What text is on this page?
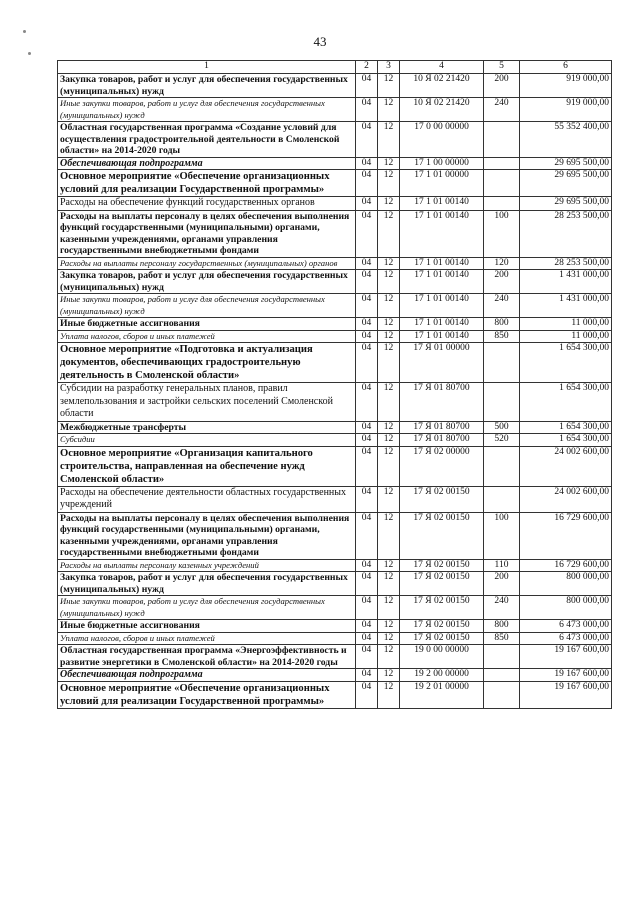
43
1	2	3	4	5	6
Закупка товаров, работ и услуг для обеспечения государственных (муниципальных) нужд	04	12	10 Я 02 21420	200	919 000,00
Иные закупки товаров, работ и услуг для обеспечения государственных (муниципальных) нужд	04	12	10 Я 02 21420	240	919 000,00
Областная государственная программа «Создание условий для осуществления градостроительной деятельности в Смоленской области» на 2014-2020 годы	04	12	17 0 00 00000		55 352 400,00
Обеспечивающая подпрограмма	04	12	17 1 00 00000		29 695 500,00
Основное мероприятие «Обеспечение организационных условий для реализации Государственной программы»	04	12	17 1 01 00000		29 695 500,00
Расходы на обеспечение функций государственных органов	04	12	17 1 01 00140		29 695 500,00
Расходы на выплаты персоналу в целях обеспечения выполнения функций государственными (муниципальными) органами, казенными учреждениями, органами управления государственными внебюджетными фондами	04	12	17 1 01 00140	100	28 253 500,00
Расходы на выплаты персоналу государственных (муниципальных) органов	04	12	17 1 01 00140	120	28 253 500,00
Закупка товаров, работ и услуг для обеспечения государственных (муниципальных) нужд	04	12	17 1 01 00140	200	1 431 000,00
Иные закупки товаров, работ и услуг для обеспечения государственных (муниципальных) нужд	04	12	17 1 01 00140	240	1 431 000,00
Иные бюджетные ассигнования	04	12	17 1 01 00140	800	11 000,00
Уплата налогов, сборов и иных платежей	04	12	17 1 01 00140	850	11 000,00
Основное мероприятие «Подготовка и актуализация документов, обеспечивающих градостроительную деятельность в Смоленской области»	04	12	17 Я 01 00000		1 654 300,00
Субсидии на разработку генеральных планов, правил землепользования и застройки сельских поселений Смоленской области	04	12	17 Я 01 80700		1 654 300,00
Межбюджетные трансферты	04	12	17 Я 01 80700	500	1 654 300,00
Субсидии	04	12	17 Я 01 80700	520	1 654 300,00
Основное мероприятие «Организация капитального строительства, направленная на обеспечение нужд Смоленской области»	04	12	17 Я 02 00000		24 002 600,00
Расходы на обеспечение деятельности областных государственных учреждений	04	12	17 Я 02 00150		24 002 600,00
Расходы на выплаты персоналу в целях обеспечения выполнения функций государственными (муниципальными) органами, казенными учреждениями, органами управления государственными внебюджетными фондами	04	12	17 Я 02 00150	100	16 729 600,00
Расходы на выплаты персоналу казенных учреждений	04	12	17 Я 02 00150	110	16 729 600,00
Закупка товаров, работ и услуг для обеспечения государственных (муниципальных) нужд	04	12	17 Я 02 00150	200	800 000,00
Иные закупки товаров, работ и услуг для обеспечения государственных (муниципальных) нужд	04	12	17 Я 02 00150	240	800 000,00
Иные бюджетные ассигнования	04	12	17 Я 02 00150	800	6 473 000,00
Уплата налогов, сборов и иных платежей	04	12	17 Я 02 00150	850	6 473 000,00
Областная государственная программа «Энергоэффективность и развитие энергетики в Смоленской области» на 2014-2020 годы	04	12	19 0 00 00000		19 167 600,00
Обеспечивающая подпрограмма	04	12	19 2 00 00000		19 167 600,00
Основное мероприятие «Обеспечение организационных условий для реализации Государственной программы»	04	12	19 2 01 00000		19 167 600,00
